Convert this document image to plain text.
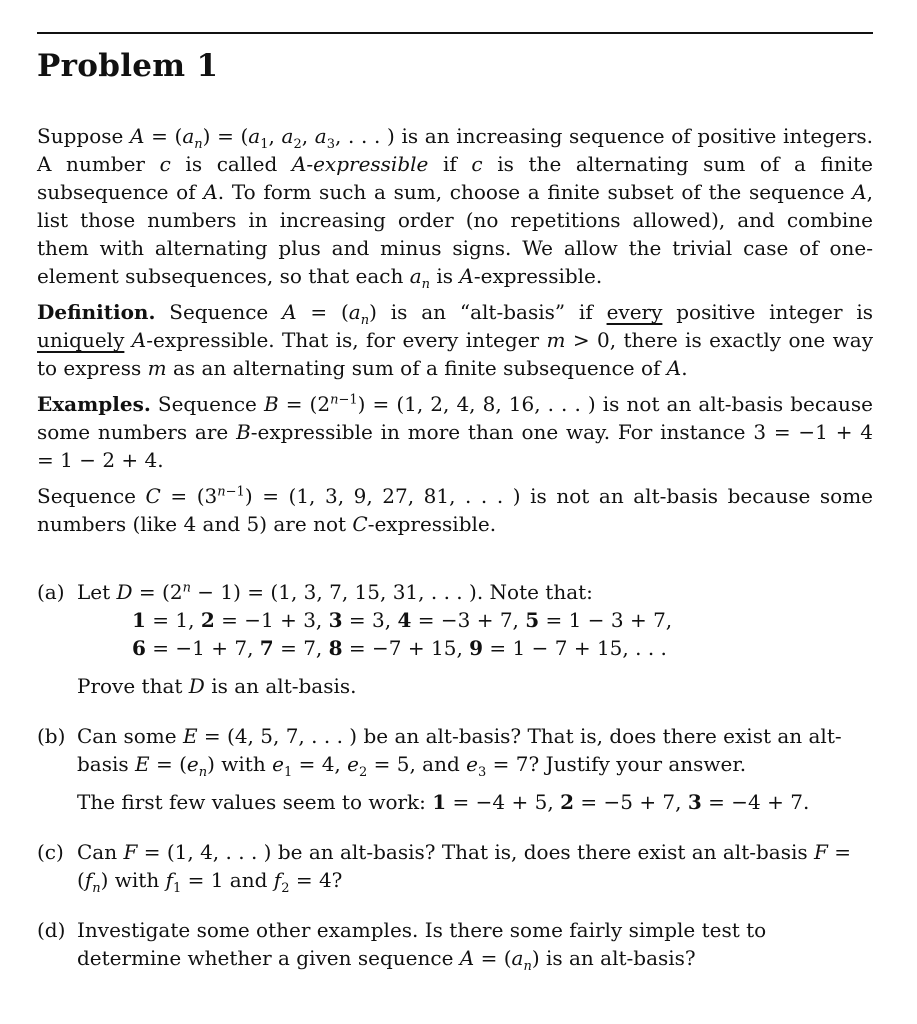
Problem 1

Suppose $A = (a_n) = (a_1$, $a_2$, $a_3$, . . . ) is an increasing sequence of positive integers. A number c is called A-expressible if c is the alternating sum of a finite subsequence of A. To form such a sum, choose a finite subset of the sequence A, list those numbers in increasing order (no repetitions allowed), and combine them with alternating plus and minus signs. We allow the trivial case of one-element subsequences, so that each $a_n$ is A-expressible.

Definition. Sequence $A = (a_n)$ is an “alt-basis” if every positive integer is uniquely A-expressible. That is, for every integer m > 0, there is exactly one way to express m as an alternating sum of a finite subsequence of A.

Examples. Sequence $B = (2^{n-1}) = (1$, 2, 4, 8, 16, . . . ) is not an alt-basis because some numbers are B-expressible in more than one way. For instance 3 = −1 + 4 = 1 − 2 + 4.

Sequence $C = (3^{n-1}) = (1$, 3, 9, 27, 81, . . . ) is not an alt-basis because some numbers (like 4 and 5) are not C-expressible.

(a) Let $D = (2^n - 1) = (1$, 3, 7, 15, 31, . . . ). Note that:

1 = 1, 2 = −1 + 3, 3 = 3, 4 = −3 + 7, 5 = 1 − 3 + 7,
6 = −1 + 7, 7 = 7, 8 = −7 + 15, 9 = 1 − 7 + 15, . . .

Prove that D is an alt-basis.

(b) Can some E = (4, 5, 7, . . . ) be an alt-basis? That is, does there exist an alt-basis $E = (e_n)$ with $e_1 = 4$, $e_2 = 5$, and $e_3 = 7$? Justify your answer.

The first few values seem to work: 1 = −4 + 5, 2 = −5 + 7, 3 = −4 + 7.

(c) Can F = (1, 4, . . . ) be an alt-basis? That is, does there exist an alt-basis $F = (f_n)$ with $f_1 = 1$ and $f_2 = 4$?

(d) Investigate some other examples. Is there some fairly simple test to determine whether a given sequence $A = (a_n)$ is an alt-basis?
